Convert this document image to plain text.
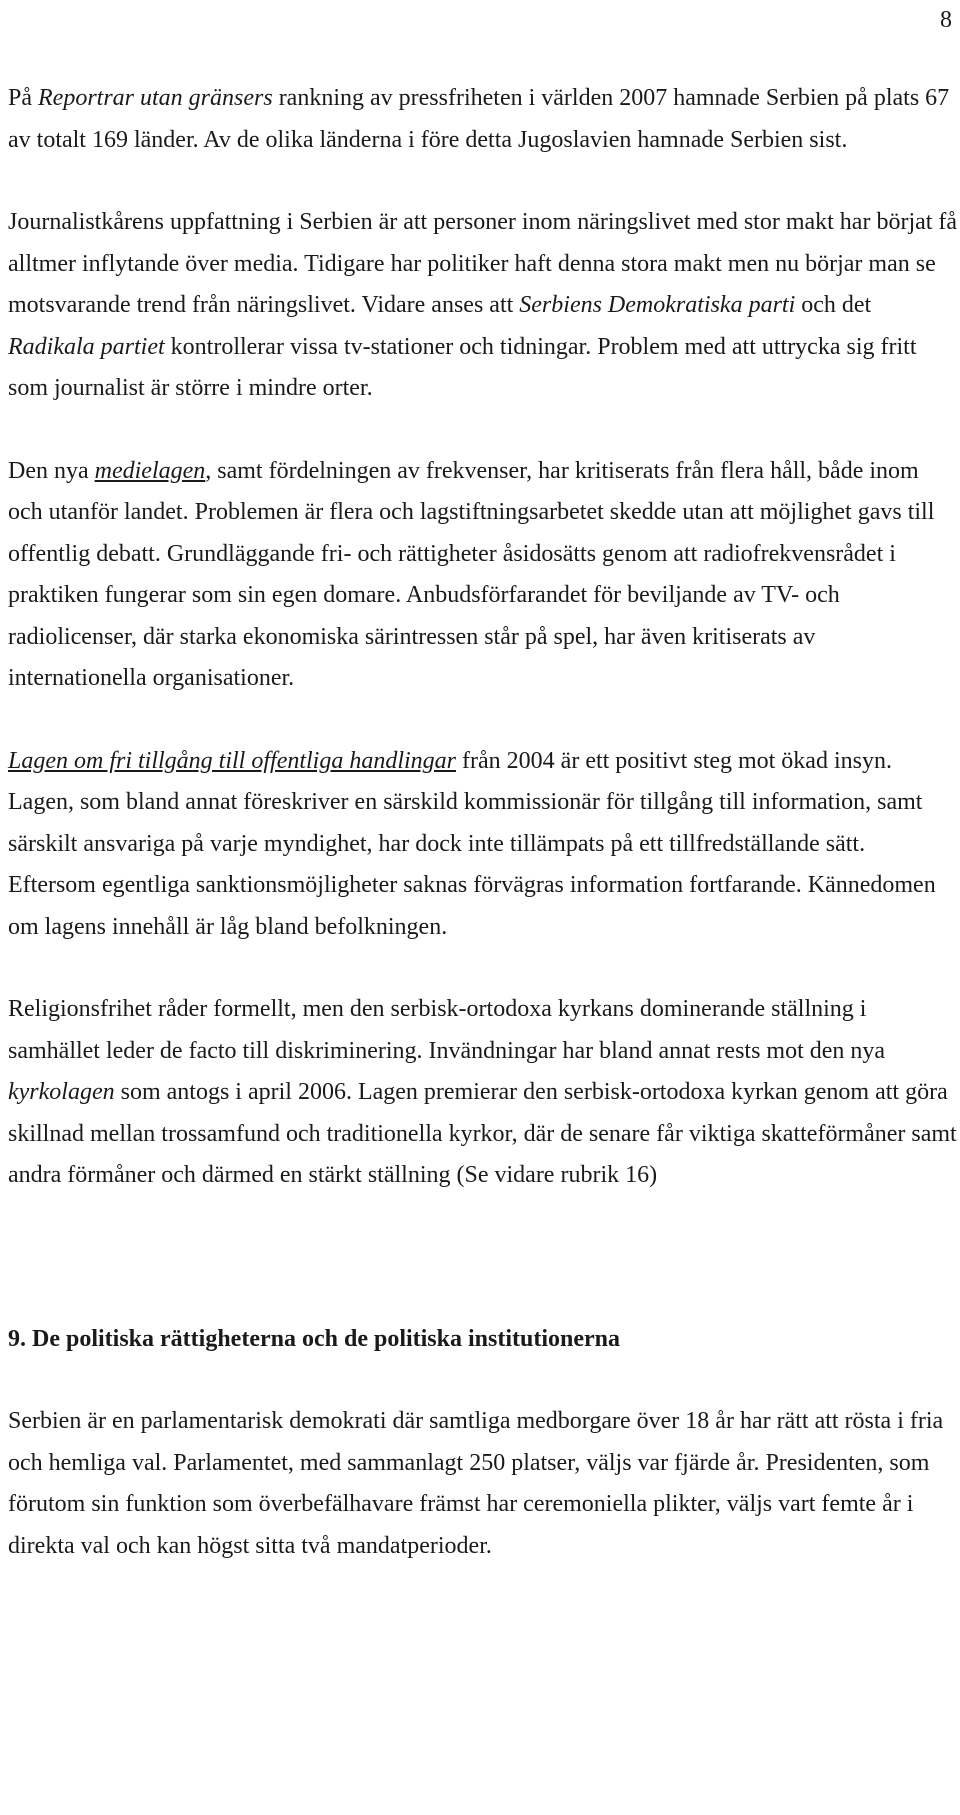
8

På Reportrar utan gränsers rankning av pressfriheten i världen 2007 hamnade Serbien på plats 67 av totalt 169 länder. Av de olika länderna i före detta Jugoslavien hamnade Serbien sist.

Journalistkårens uppfattning i Serbien är att personer inom näringslivet med stor makt har börjat få alltmer inflytande över media. Tidigare har politiker haft denna stora makt men nu börjar man se motsvarande trend från näringslivet. Vidare anses att Serbiens Demokratiska parti och det Radikala partiet kontrollerar vissa tv-stationer och tidningar. Problem med att uttrycka sig fritt som journalist är större i mindre orter.

Den nya medielagen, samt fördelningen av frekvenser, har kritiserats från flera håll, både inom och utanför landet. Problemen är flera och lagstiftningsarbetet skedde utan att möjlighet gavs till offentlig debatt. Grundläggande fri- och rättigheter åsidosätts genom att radiofrekvensrådet i praktiken fungerar som sin egen domare. Anbudsförfarandet för beviljande av TV- och radiolicenser, där starka ekonomiska särintressen står på spel, har även kritiserats av internationella organisationer.

Lagen om fri tillgång till offentliga handlingar från 2004 är ett positivt steg mot ökad insyn. Lagen, som bland annat föreskriver en särskild kommissionär för tillgång till information, samt särskilt ansvariga på varje myndighet, har dock inte tillämpats på ett tillfredställande sätt. Eftersom egentliga sanktionsmöjligheter saknas förvägras information fortfarande. Kännedomen om lagens innehåll är låg bland befolkningen.

Religionsfrihet råder formellt, men den serbisk-ortodoxa kyrkans dominerande ställning i samhället leder de facto till diskriminering. Invändningar har bland annat rests mot den nya kyrkolagen som antogs i april 2006. Lagen premierar den serbisk-ortodoxa kyrkan genom att göra skillnad mellan trossamfund och traditionella kyrkor, där de senare får viktiga skatteförmåner samt andra förmåner och därmed en stärkt ställning (Se vidare rubrik 16)

9. De politiska rättigheterna och de politiska institutionerna

Serbien är en parlamentarisk demokrati där samtliga medborgare över 18 år har rätt att rösta i fria och hemliga val. Parlamentet, med sammanlagt 250 platser, väljs var fjärde år. Presidenten, som förutom sin funktion som överbefälhavare främst har ceremoniella plikter, väljs vart femte år i direkta val och kan högst sitta två mandatperioder.
